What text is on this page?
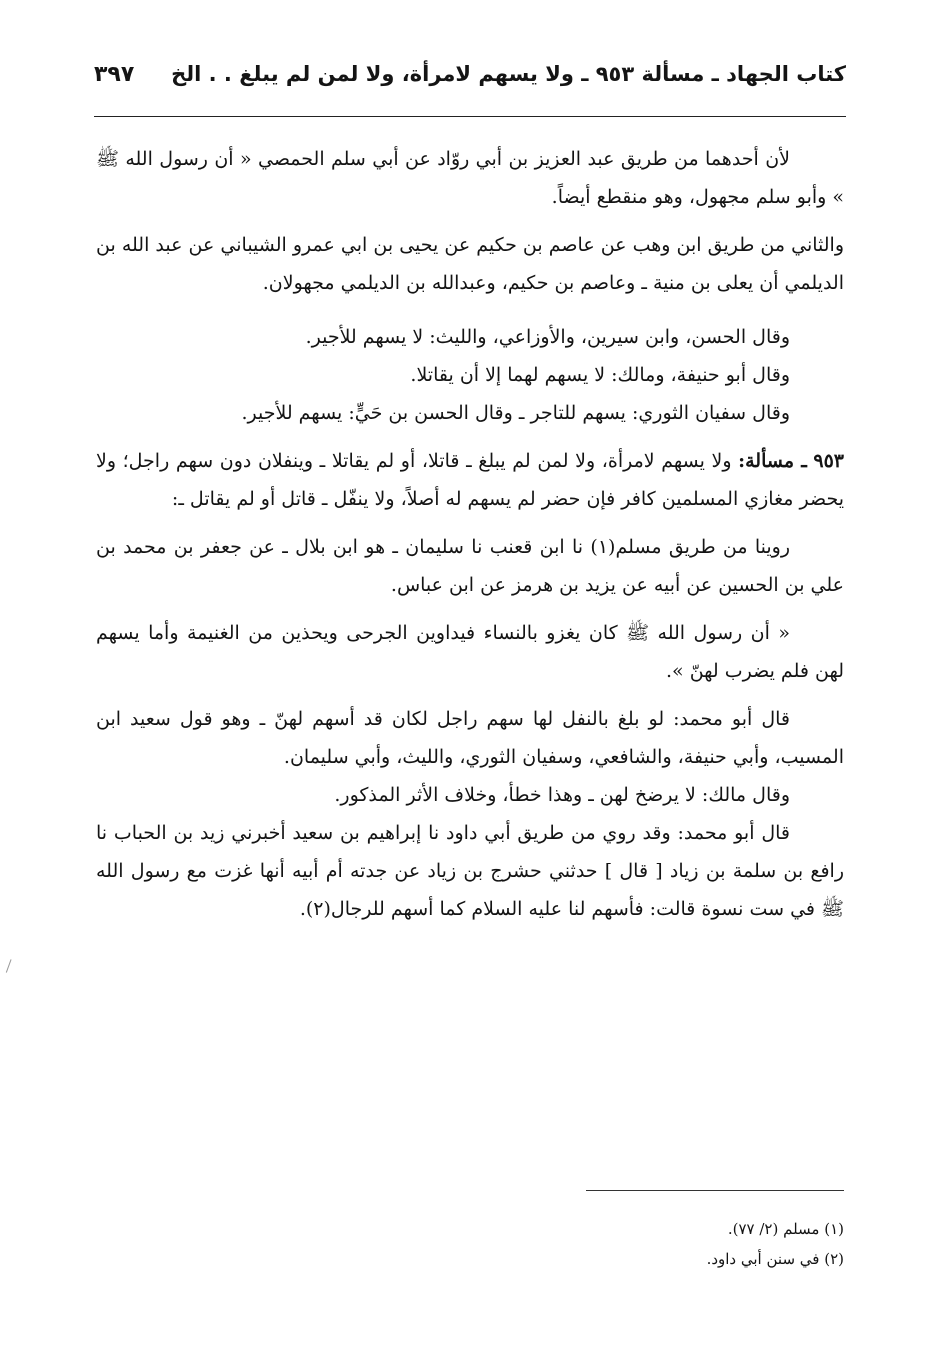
كتاب الجهاد ـ مسألة ٩٥٣ ـ ولا يسهم لامرأة، ولا لمن لم يبلغ . . الخ
٣٩٧

لأن أحدهما من طريق عبد العزيز بن أبي روّاد عن أبي سلم الحمصي « أن رسول الله ﷺ » وأبو سلم مجهول، وهو منقطع أيضاً.

والثاني من طريق ابن وهب عن عاصم بن حكيم عن يحيى بن ابي عمرو الشيباني عن عبد الله بن الديلمي أن يعلى بن منية ـ وعاصم بن حكيم، وعبدالله بن الديلمي مجهولان.

وقال الحسن، وابن سيرين، والأوزاعي، والليث: لا يسهم للأجير.

وقال أبو حنيفة، ومالك: لا يسهم لهما إلا أن يقاتلا.

وقال سفيان الثوري: يسهم للتاجر ـ وقال الحسن بن حَيٍّ: يسهم للأجير.

٩٥٣ ـ مسألة: ولا يسهم لامرأة، ولا لمن لم يبلغ ـ قاتلا، أو لم يقاتلا ـ وينفلان دون سهم راجل؛ ولا يحضر مغازي المسلمين كافر فإن حضر لم يسهم له أصلاً، ولا ينفّل ـ قاتل أو لم يقاتل ـ:

روينا من طريق مسلم(١) نا ابن قعنب نا سليمان ـ هو ابن بلال ـ عن جعفر بن محمد بن علي بن الحسين عن أبيه عن يزيد بن هرمز عن ابن عباس.

« أن رسول الله ﷺ كان يغزو بالنساء فيداوين الجرحى ويحذين من الغنيمة وأما يسهم لهن فلم يضرب لهنّ ».

قال أبو محمد: لو بلغ بالنفل لها سهم راجل لكان قد أسهم لهنّ ـ وهو قول سعيد ابن المسيب، وأبي حنيفة، والشافعي، وسفيان الثوري، والليث، وأبي سليمان.

وقال مالك: لا يرضخ لهن ـ وهذا خطأ، وخلاف الأثر المذكور.

قال أبو محمد: وقد روي من طريق أبي داود نا إبراهيم بن سعيد أخبرني زيد بن الحباب نا رافع بن سلمة بن زياد [ قال ] حدثني حشرج بن زياد عن جدته أم أبيه أنها غزت مع رسول الله ﷺ في ست نسوة قالت: فأسهم لنا عليه السلام كما أسهم للرجال(٢).

(١) مسلم (٢/ ٧٧).
(٢) في سنن أبي داود.
